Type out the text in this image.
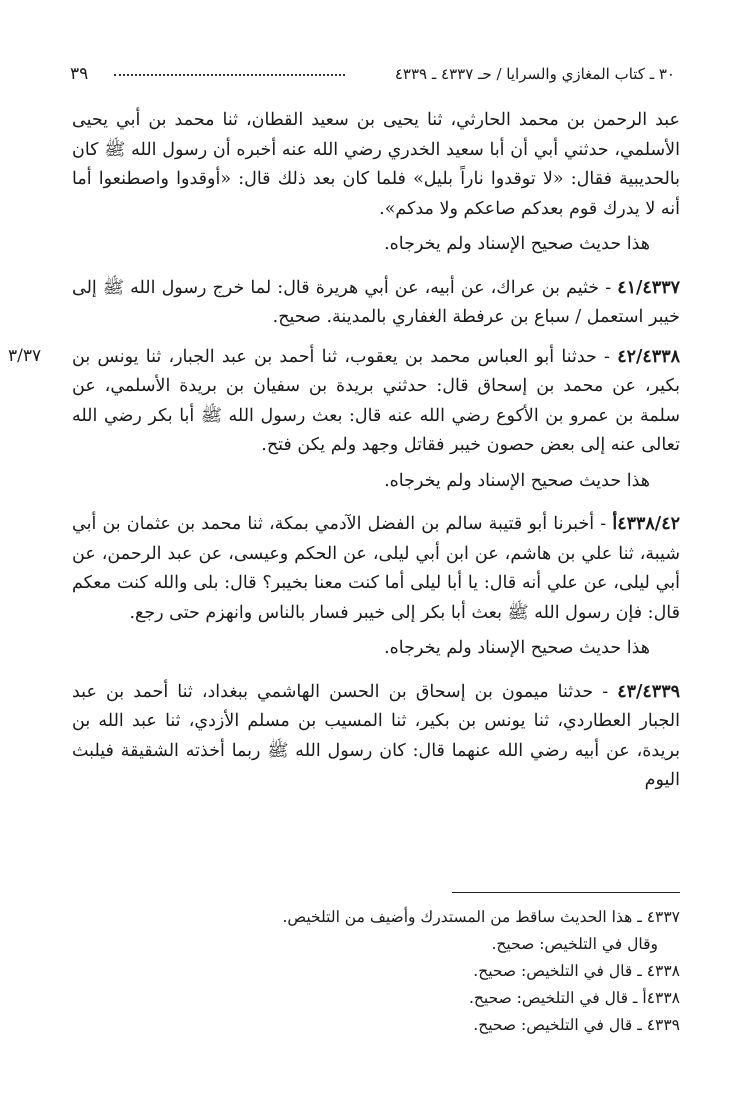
٣٩	٣٠ ـ كتاب المغازي والسرايا / حـ ٤٣٣٧ ـ ٤٣٣٩
٣/٣٧

عبد الرحمن بن محمد الحارثي، ثنا يحيى بن سعيد القطان، ثنا محمد بن أبي يحيى الأسلمي، حدثني أبي أن أبا سعيد الخدري رضي الله عنه أخبره أن رسول الله ﷺ كان بالحديبية فقال: «لا توقدوا ناراً بليل» فلما كان بعد ذلك قال: «أوقدوا واصطنعوا أما أنه لا يدرك قوم بعدكم صاعكم ولا مدكم».

هذا حديث صحيح الإسناد ولم يخرجاه.

٤١/٤٣٣٧ - خثيم بن عراك، عن أبيه، عن أبي هريرة قال: لما خرج رسول الله ﷺ إلى خيبر استعمل / سباع بن عرفطة الغفاري بالمدينة. صحيح.

٤٢/٤٣٣٨ - حدثنا أبو العباس محمد بن يعقوب، ثنا أحمد بن عبد الجبار، ثنا يونس بن بكير، عن محمد بن إسحاق قال: حدثني بريدة بن سفيان بن بريدة الأسلمي، عن سلمة بن عمرو بن الأكوع رضي الله عنه قال: بعث رسول الله ﷺ أبا بكر رضي الله تعالى عنه إلى بعض حصون خيبر فقاتل وجهد ولم يكن فتح.

هذا حديث صحيح الإسناد ولم يخرجاه.

٤٣٣٨/٤٢أ - أخبرنا أبو قتيبة سالم بن الفضل الآدمي بمكة، ثنا محمد بن عثمان بن أبي شيبة، ثنا علي بن هاشم، عن ابن أبي ليلى، عن الحكم وعيسى، عن عبد الرحمن، عن أبي ليلى، عن علي أنه قال: يا أبا ليلى أما كنت معنا بخيبر؟ قال: بلى والله كنت معكم قال: فإن رسول الله ﷺ بعث أبا بكر إلى خيبر فسار بالناس وانهزم حتى رجع.

هذا حديث صحيح الإسناد ولم يخرجاه.

٤٣/٤٣٣٩ - حدثنا ميمون بن إسحاق بن الحسن الهاشمي ببغداد، ثنا أحمد بن عبد الجبار العطاردي، ثنا يونس بن بكير، ثنا المسيب بن مسلم الأزدي، ثنا عبد الله بن بريدة، عن أبيه رضي الله عنهما قال: كان رسول الله ﷺ ربما أخذته الشقيقة فيلبث اليوم

٤٣٣٧ ـ هذا الحديث ساقط من المستدرك وأضيف من التلخيص.

وقال في التلخيص: صحيح.

٤٣٣٨ ـ قال في التلخيص: صحيح.

٤٣٣٨أ ـ قال في التلخيص: صحيح.

٤٣٣٩ ـ قال في التلخيص: صحيح.
